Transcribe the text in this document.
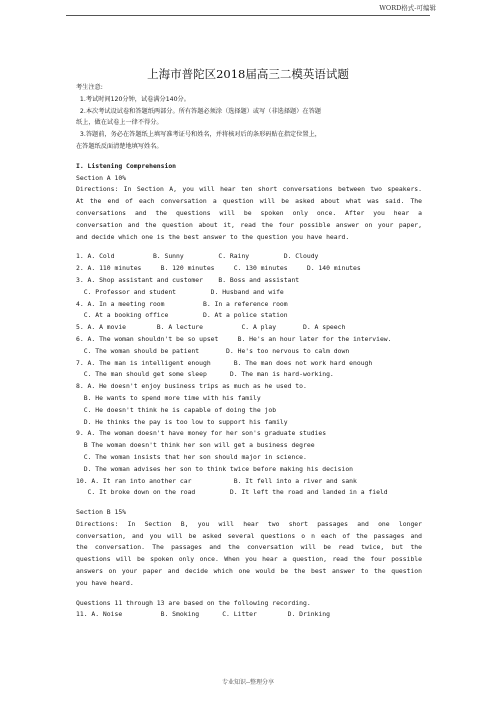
WORD格式-可编辑
上海市普陀区2018届高三二模英语试题
考生注意:
1.考试时间120分钟，试卷满分140分。
2.本次考试设试卷和答题纸两部分。所有答题必须涂（选择题）或写（非选择题）在答题
纸上，做在试卷上一律不得分。
3.答题前，务必在答题纸上填写准考证号和姓名，并将核对后的条形码贴在指定位置上，
在答题纸反面清楚地填写姓名。
I. Listening Comprehension
Section A 10%
Directions: In Section A, you will hear ten short conversations between two speakers.
At the end of each conversation a question will be asked about what was said. The
conversations and the questions will be spoken only once. After you hear a
conversation and the question about it, read the four possible answer on your paper,
and decide which one is the best answer to the question you have heard.
1. A. Cold          B. Sunny         C. Rainy         D. Cloudy
2. A. 110 minutes     B. 120 minutes     C. 130 minutes     D. 140 minutes
3. A. Shop assistant and customer    B. Boss and assistant
C. Professor and student         D. Husband and wife
4. A. In a meeting room          B. In a reference room
C. At a booking office         D. At a police station
5. A. A movie        B. A lecture          C. A play       D. A speech
6. A. The woman shouldn't be so upset     B. He's an hour later for the interview.
C. The woman should be patient       D. He's too nervous to calm down
7. A. The man is intelligent enough      B. The man does not work hard enough
C. The man should get some sleep      D. The man is hard-working.
8. A. He doesn't enjoy business trips as much as he used to.
B. He wants to spend more time with his family
C. He doesn't think he is capable of doing the job
D. He thinks the pay is too low to support his family
9. A. The woman doesn't have money for her son's graduate studies
B The woman doesn't think her son will get a business degree
C. The woman insists that her son should major in science.
D. The woman advises her son to think twice before making his decision
10. A. It ran into another car           B. It fell into a river and sank
C. It broke down on the road         D. It left the road and landed in a field
Section B 15%
Directions: In Section B, you will hear two short passages and one longer
conversation, and you will be asked several questions o n each of the passages and
the conversation. The passages and the conversation will be read twice, but the
questions will be spoken only once. When you hear a question, read the four possible
answers on your paper and decide which one would be the best answer to the question
you have heard.
Questions 11 through 13 are based on the following recording.
11. A. Noise          B. Smoking      C. Litter        D. Drinking
专业知识--整理分享
